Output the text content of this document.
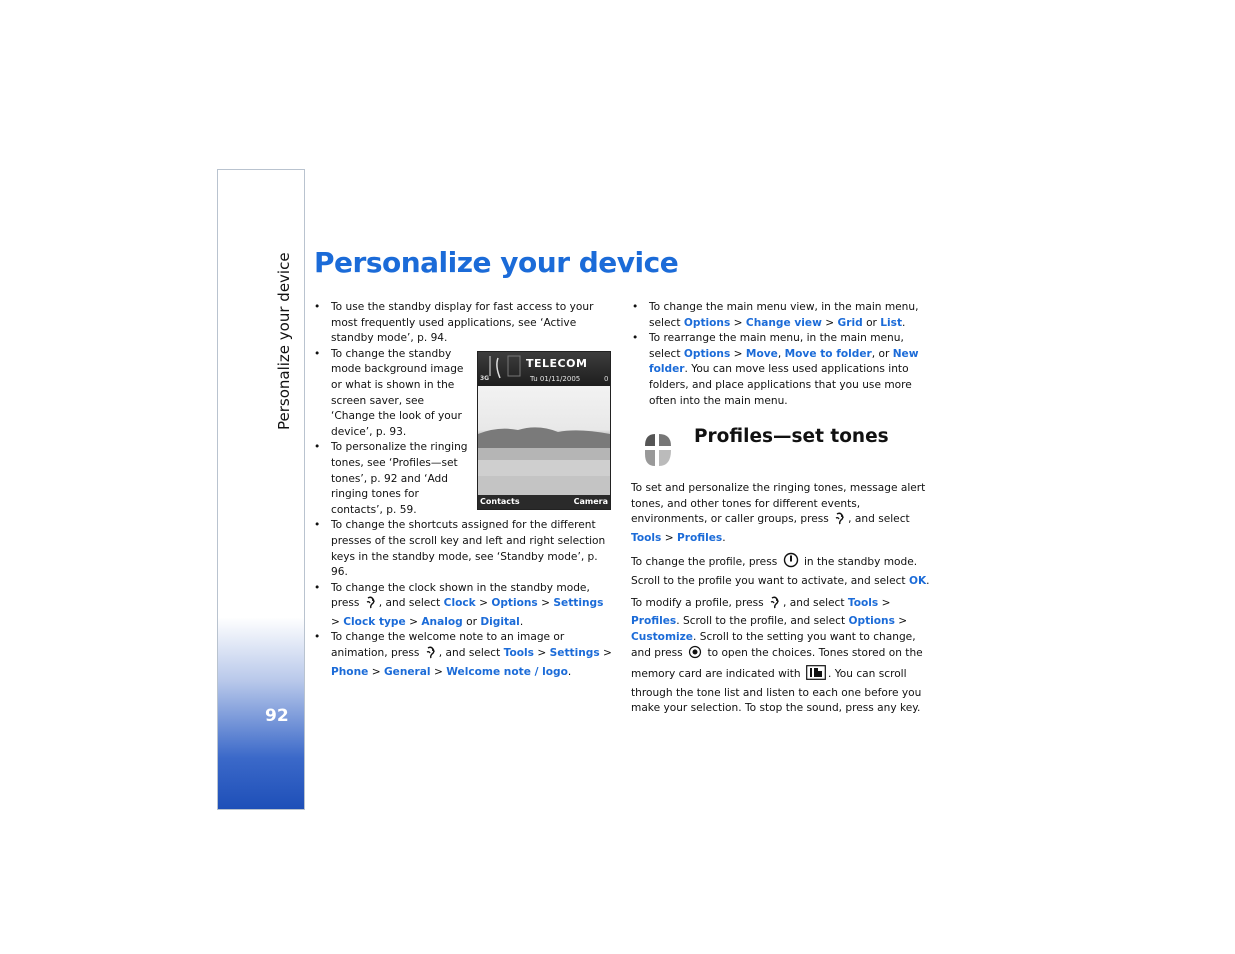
Personalize your device
92
Personalize your device
• To use the standby display for fast access to your most frequently used applications, see ‘Active standby mode’, p. 94.
• To change the standby mode background image or what is shown in the screen saver, see ‘Change the look of your device’, p. 93.
• To personalize the ringing tones, see ‘Profiles—set tones’, p. 92 and ‘Add ringing tones for contacts’, p. 59.
• To change the shortcuts assigned for the different presses of the scroll key and left and right selection keys in the standby mode, see ‘Standby mode’, p. 96.
• To change the clock shown in the standby mode, press , and select Clock > Options > Settings > Clock type > Analog or Digital.
• To change the welcome note to an image or animation, press , and select Tools > Settings > Phone > General > Welcome note / logo.
TELECOM
Tu 01/11/2005
3G	0
Contacts	Camera
• To change the main menu view, in the main menu, select Options > Change view > Grid or List.
• To rearrange the main menu, in the main menu, select Options > Move, Move to folder, or New folder. You can move less used applications into folders, and place applications that you use more often into the main menu.
Profiles—set tones

To set and personalize the ringing tones, message alert tones, and other tones for different events, environments, or caller groups, press , and select Tools > Profiles.

To change the profile, press	in the standby mode. Scroll to the profile you want to activate, and select OK.

To modify a profile, press , and select Tools > Profiles. Scroll to the profile, and select Options > Customize. Scroll to the setting you want to change, and press to open the choices. Tones stored on the memory card are indicated with	. You can scroll through the tone list and listen to each one before you make your selection. To stop the sound, press any key.
